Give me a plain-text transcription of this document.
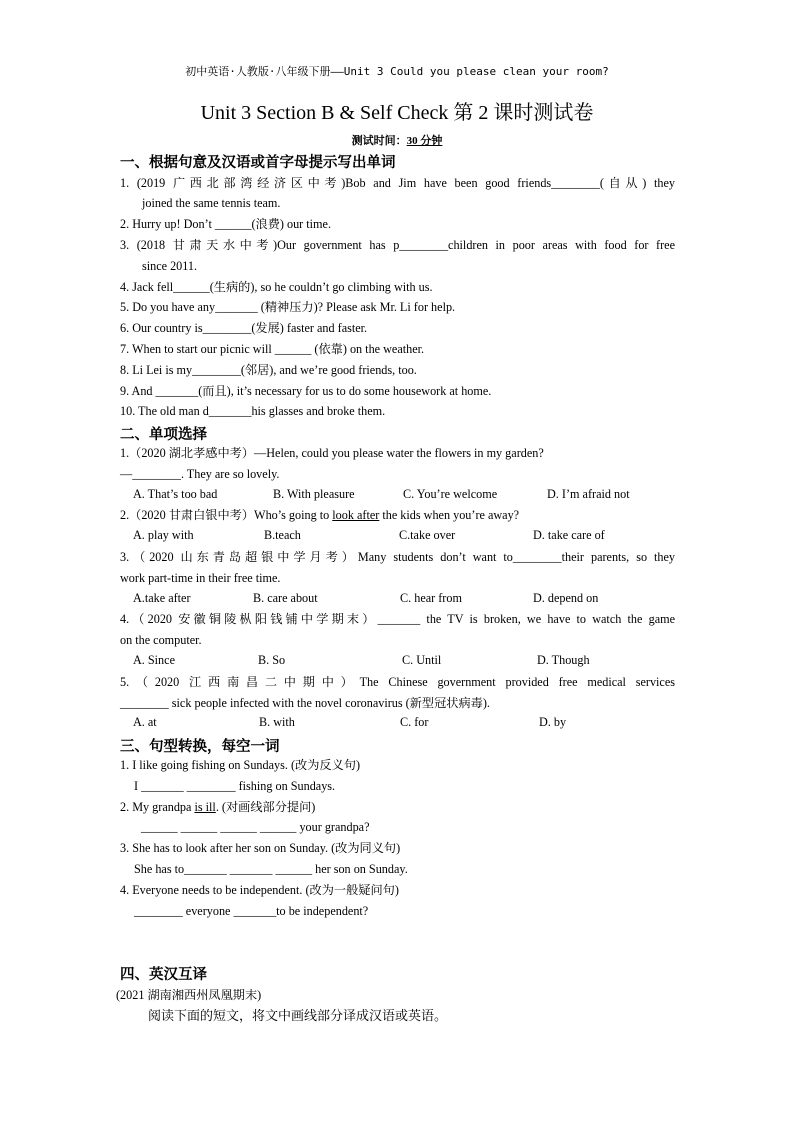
初中英语·人教版·八年级下册——Unit 3 Could you please clean your room?
Unit 3 Section B & Self Check 第 2 课时测试卷
测试时间：30 分钟
一、根据句意及汉语或首字母提示写出单词
1. (2019 广西北部湾经济区中考)Bob and Jim have been good friends________(自从) they
joined the same tennis team.
2. Hurry up! Don’t ______(浪费) our time.
3. (2018 甘肃天水中考)Our government has p________children in poor areas with food for free
since 2011.
4. Jack fell______(生病的), so he couldn’t go climbing with us.
5. Do you have any_______ (精神压力)? Please ask Mr. Li for help.
6. Our country is________(发展) faster and faster.
7. When to start our picnic will ______ (依靠) on the weather.
8. Li Lei is my________(邻居), and we’re good friends, too.
9. And _______(而且), it’s necessary for us to do some housework at home.
10. The old man d_______his glasses and broke them.
二、单项选择
1.（2020 湖北孝感中考）—Helen, could you please water the flowers in my garden?
—________. They are so lovely.
A. That’s too bad	B. With pleasure	C. You’re welcome	D. I’m afraid not
2.（2020 甘肃白银中考）Who’s going to look after the kids when you’re away?
A. play with	B.teach	C.take over	D. take care of
3.（2020 山东青岛超银中学月考）Many students don’t want to________their parents, so they
work part-time in their free time.
A.take after	B. care about	C. hear from	D. depend on
4.（2020 安徽铜陵枞阳钱铺中学期末）_______ the TV is broken, we have to watch the game
on the computer.
A. Since	B. So	C. Until	D. Though
5.（2020 江西南昌二中期中）The Chinese government provided free medical services
________ sick people infected with the novel coronavirus (新型冠状病毒).
A. at	B. with	C. for	D. by
三、句型转换，每空一词
1. I like going fishing on Sundays. (改为反义句)
I _______ ________ fishing on Sundays.
2. My grandpa is ill. (对画线部分提问)
______ ______ ______ ______ your grandpa?
3. She has to look after her son on Sunday. (改为同义句)
She has to_______ _______ ______ her son on Sunday.
4. Everyone needs to be independent. (改为一般疑问句)
________ everyone _______to be independent?
四、英汉互译
(2021 湖南湘西州凤凰期末)
阅读下面的短文，将文中画线部分译成汉语或英语。
